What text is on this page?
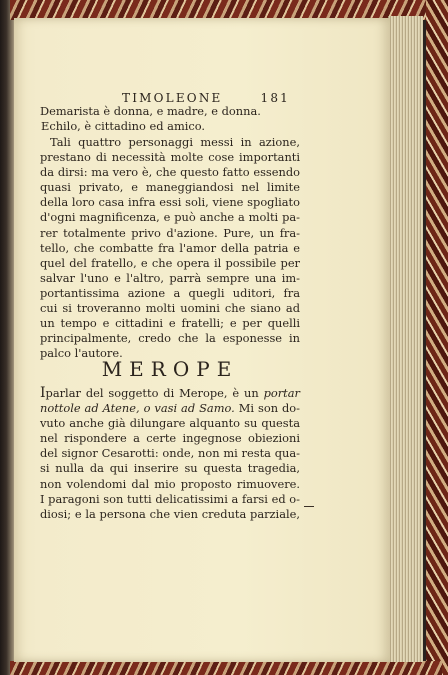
TIMOLEONE	181
Demarista è donna, e madre, e donna.
Echilo, è cittadino ed amico.
Tali quattro personaggi messi in azione,
prestano di necessità molte cose importanti
da dirsi: ma vero è, che questo fatto essendo
quasi privato, e maneggiandosi nel limite
della loro casa infra essi soli, viene spogliato
d'ogni magnificenza, e può anche a molti pa-
rer totalmente privo d'azione. Pure, un fra-
tello, che combatte fra l'amor della patria e
quel del fratello, e che opera il possibile per
salvar l'uno e l'altro, parrà sempre una im-
portantissima azione a quegli uditori, fra
cui si troveranno molti uomini che siano ad
un tempo e cittadini e fratelli; e per quelli
principalmente, credo che la esponesse in
palco l'autore.
MEROPE
Iparlar del soggetto di Merope, è un portar
nottole ad Atene, o vasi ad Samo. Mi son do-
vuto anche già dilungare alquanto su questa
nel rispondere a certe ingegnose obiezioni
del signor Cesarotti: onde, non mi resta qua-
si nulla da qui inserire su questa tragedia,
non volendomi dal mio proposto rimuovere.
I paragoni son tutti delicatissimi a farsi ed o-
diosi; e la persona che vien creduta parziale,
